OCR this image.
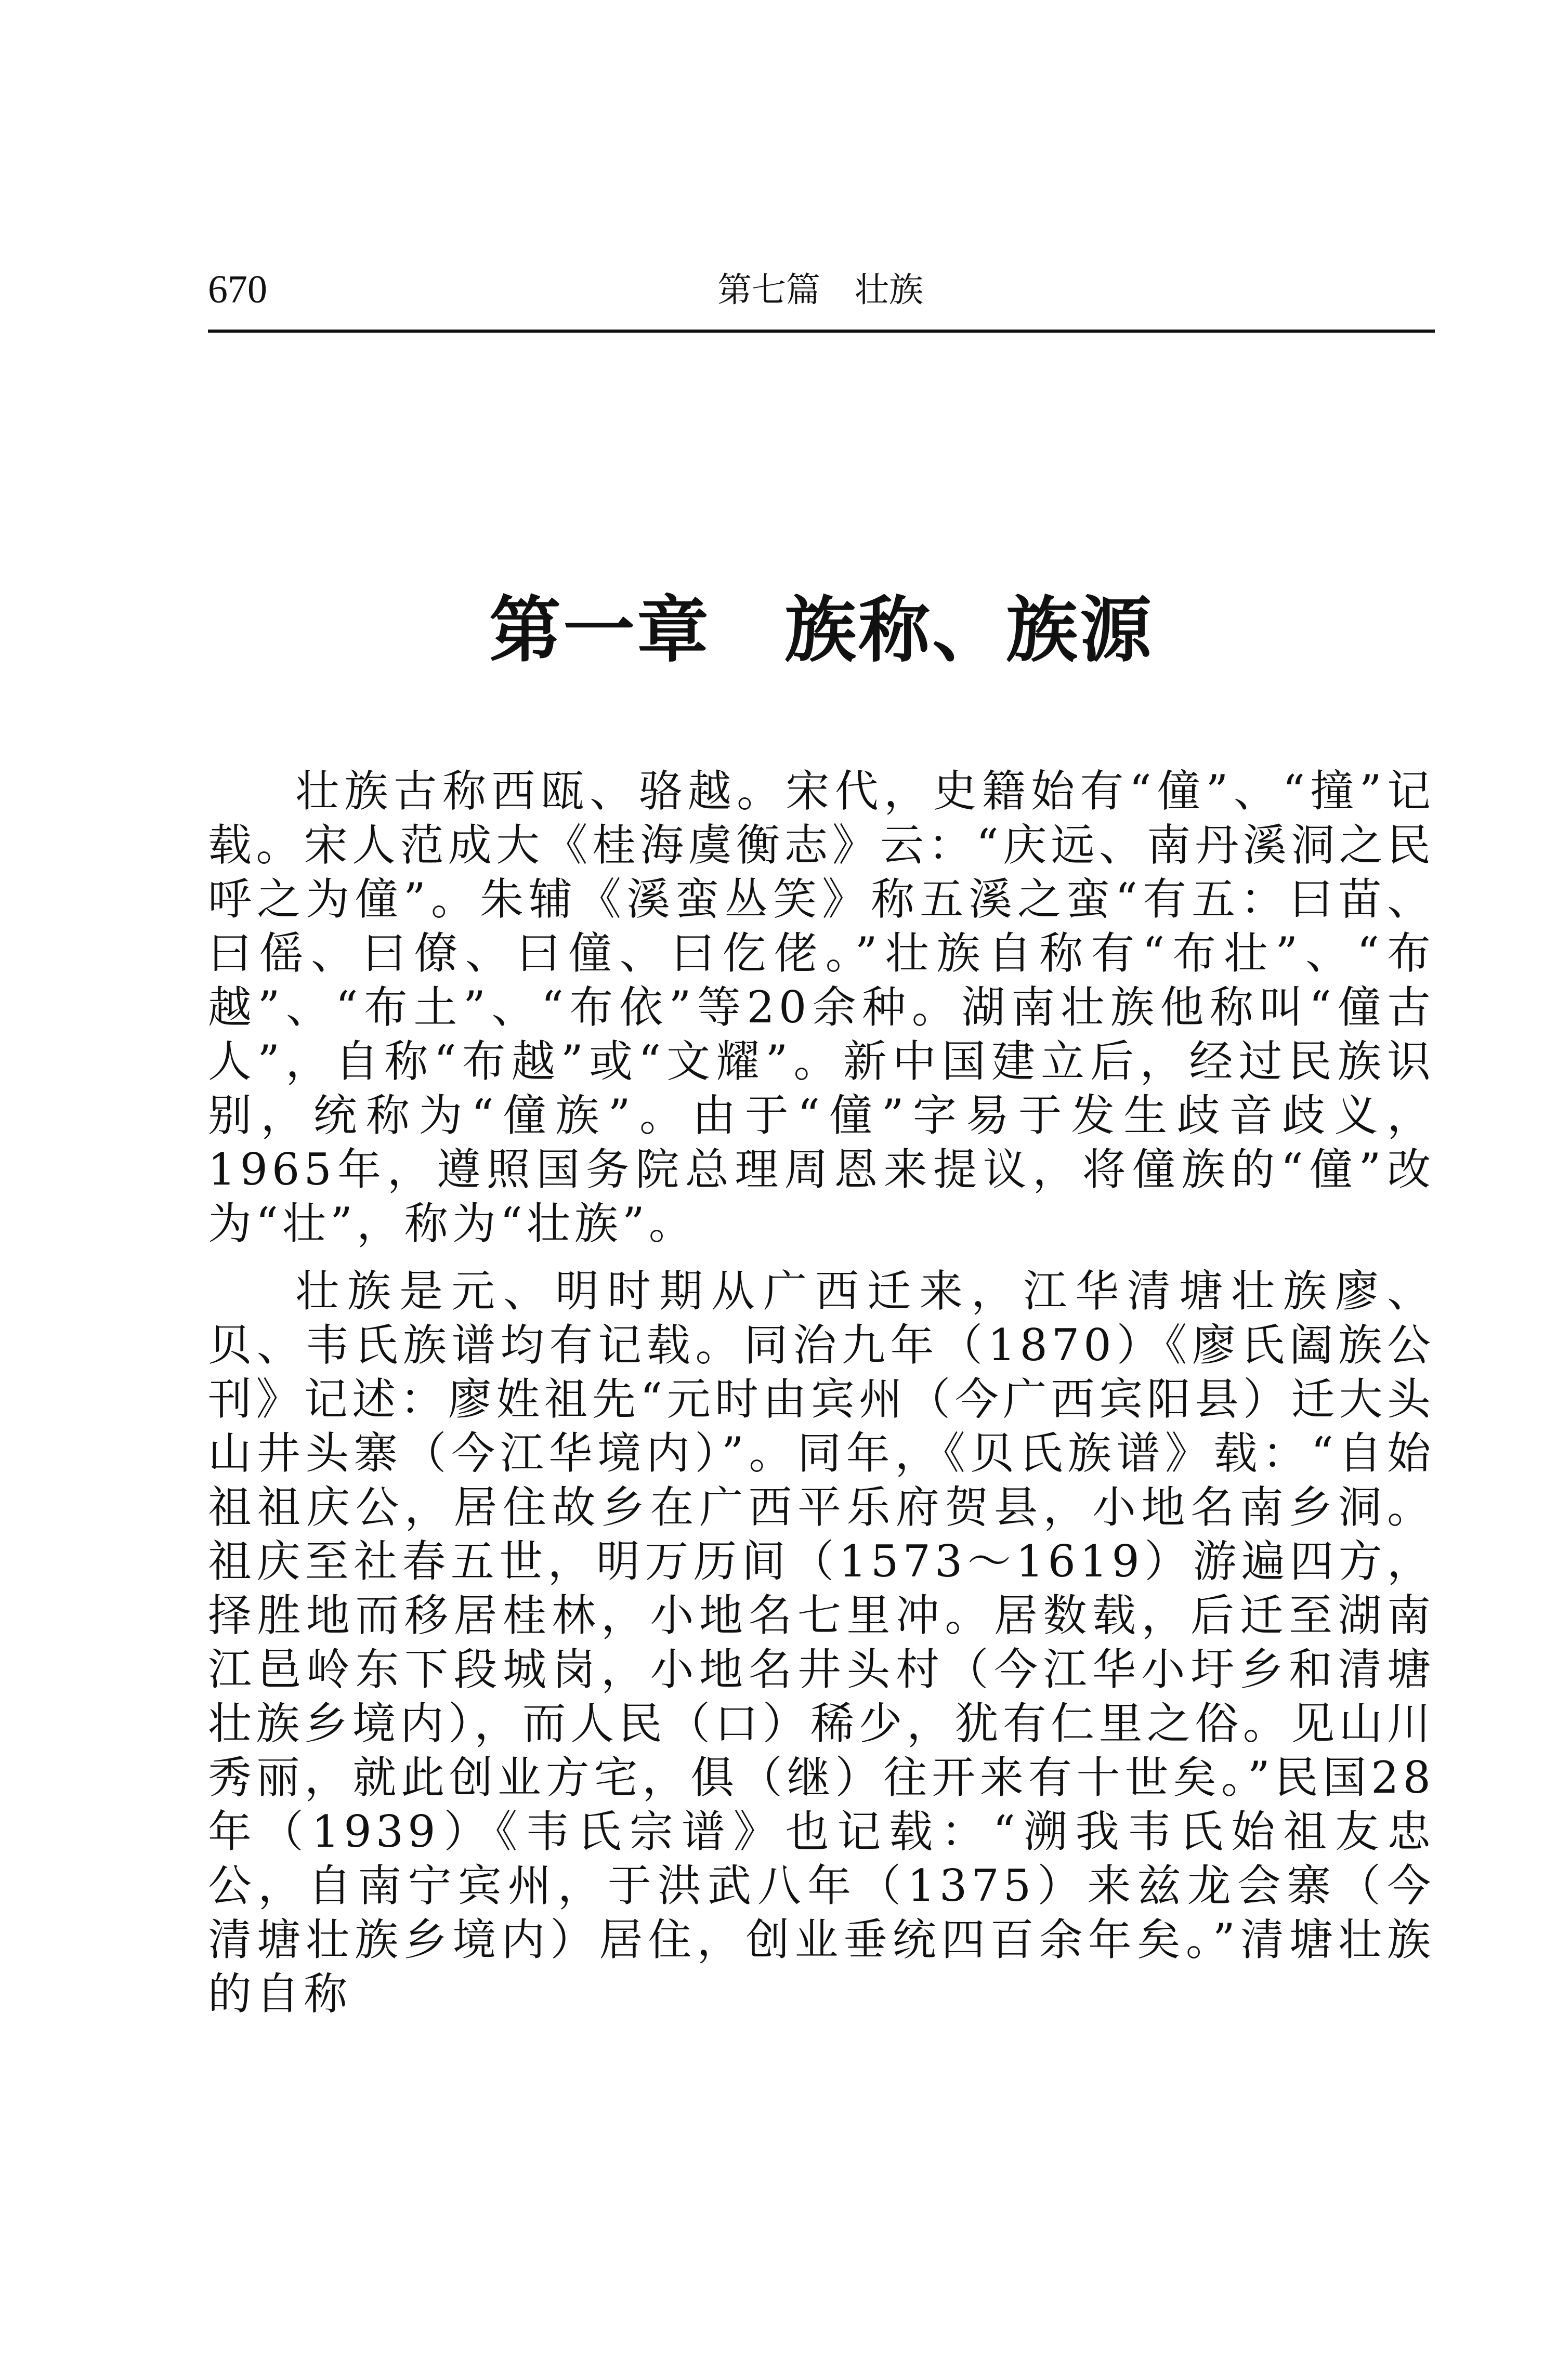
670	第七篇　壮族
第一章　族称、族源

壮族古称西瓯、骆越。宋代，史籍始有“僮”、“撞”记载。宋人范成大《桂海虞衡志》云：“庆远、南丹溪洞之民呼之为僮”。朱辅《溪蛮丛笑》称五溪之蛮“有五：曰苗、曰傜、曰僚、曰僮、曰仡佬。”壮族自称有“布壮”、“布越”、“布土”、“布依”等20余种。湖南壮族他称叫“僮古人”，自称“布越”或“文耀”。新中国建立后，经过民族识别，统称为“僮族”。由于“僮”字易于发生歧音歧义，1965年，遵照国务院总理周恩来提议，将僮族的“僮”改为“壮”，称为“壮族”。

壮族是元、明时期从广西迁来，江华清塘壮族廖、贝、韦氏族谱均有记载。同治九年（1870）《廖氏阖族公刊》记述：廖姓祖先“元时由宾州（今广西宾阳县）迁大头山井头寨（今江华境内）”。同年，《贝氏族谱》载：“自始祖祖庆公，居住故乡在广西平乐府贺县，小地名南乡洞。祖庆至社春五世，明万历间（1573～1619）游遍四方，择胜地而移居桂林，小地名七里冲。居数载，后迁至湖南江邑岭东下段城岗，小地名井头村（今江华小圩乡和清塘壮族乡境内），而人民（口）稀少，犹有仁里之俗。见山川秀丽，就此创业方宅，俱（继）往开来有十世矣。”民国28年（1939）《韦氏宗谱》也记载：“溯我韦氏始祖友忠公，自南宁宾州，于洪武八年（1375）来兹龙会寨（今清塘壮族乡境内）居住，创业垂统四百余年矣。”清塘壮族的自称
